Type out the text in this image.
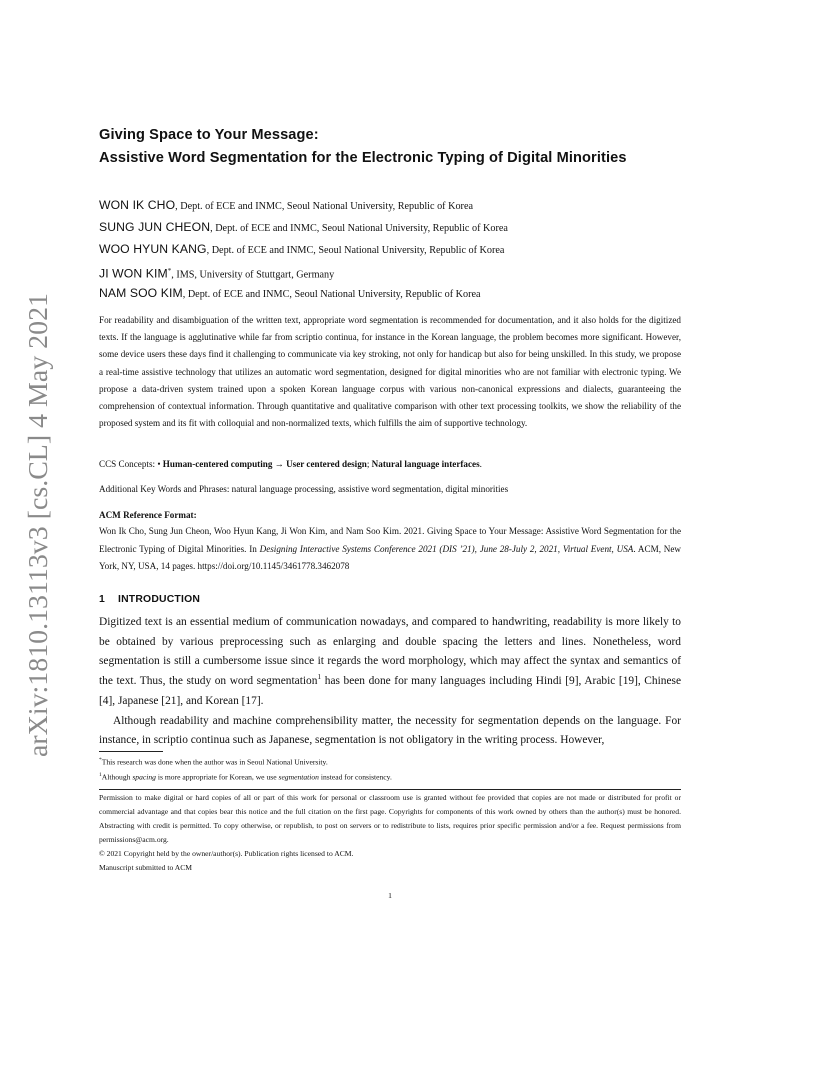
arXiv:1810.13113v3 [cs.CL] 4 May 2021
Giving Space to Your Message:
Assistive Word Segmentation for the Electronic Typing of Digital Minorities
WON IK CHO, Dept. of ECE and INMC, Seoul National University, Republic of Korea
SUNG JUN CHEON, Dept. of ECE and INMC, Seoul National University, Republic of Korea
WOO HYUN KANG, Dept. of ECE and INMC, Seoul National University, Republic of Korea
JI WON KIM*, IMS, University of Stuttgart, Germany
NAM SOO KIM, Dept. of ECE and INMC, Seoul National University, Republic of Korea

For readability and disambiguation of the written text, appropriate word segmentation is recommended for documentation, and it also holds for the digitized texts. If the language is agglutinative while far from scriptio continua, for instance in the Korean language, the problem becomes more significant. However, some device users these days find it challenging to communicate via key stroking, not only for handicap but also for being unskilled. In this study, we propose a real-time assistive technology that utilizes an automatic word segmentation, designed for digital minorities who are not familiar with electronic typing. We propose a data-driven system trained upon a spoken Korean language corpus with various non-canonical expressions and dialects, guaranteeing the comprehension of contextual information. Through quantitative and qualitative comparison with other text processing toolkits, we show the reliability of the proposed system and its fit with colloquial and non-normalized texts, which fulfills the aim of supportive technology.

CCS Concepts: • Human-centered computing → User centered design; Natural language interfaces.
Additional Key Words and Phrases: natural language processing, assistive word segmentation, digital minorities
ACM Reference Format:
Won Ik Cho, Sung Jun Cheon, Woo Hyun Kang, Ji Won Kim, and Nam Soo Kim. 2021. Giving Space to Your Message: Assistive Word Segmentation for the Electronic Typing of Digital Minorities. In Designing Interactive Systems Conference 2021 (DIS ’21), June 28-July 2, 2021, Virtual Event, USA. ACM, New York, NY, USA, 14 pages. https://doi.org/10.1145/3461778.3462078
1 INTRODUCTION

Digitized text is an essential medium of communication nowadays, and compared to handwriting, readability is more likely to be obtained by various preprocessing such as enlarging and double spacing the letters and lines. Nonetheless, word segmentation is still a cumbersome issue since it regards the word morphology, which may affect the syntax and semantics of the text. Thus, the study on word segmentation$^1$ has been done for many languages including Hindi [9], Arabic [19], Chinese [4], Japanese [21], and Korean [17].

Although readability and machine comprehensibility matter, the necessity for segmentation depends on the language. For instance, in scriptio continua such as Japanese, segmentation is not obligatory in the writing process. However,

*This research was done when the author was in Seoul National University.
$^1$Although spacing is more appropriate for Korean, we use segmentation instead for consistency.

Permission to make digital or hard copies of all or part of this work for personal or classroom use is granted without fee provided that copies are not made or distributed for profit or commercial advantage and that copies bear this notice and the full citation on the first page. Copyrights for components of this work owned by others than the author(s) must be honored. Abstracting with credit is permitted. To copy otherwise, or republish, to post on servers or to redistribute to lists, requires prior specific permission and/or a fee. Request permissions from permissions@acm.org.

© 2021 Copyright held by the owner/author(s). Publication rights licensed to ACM.

Manuscript submitted to ACM

1
